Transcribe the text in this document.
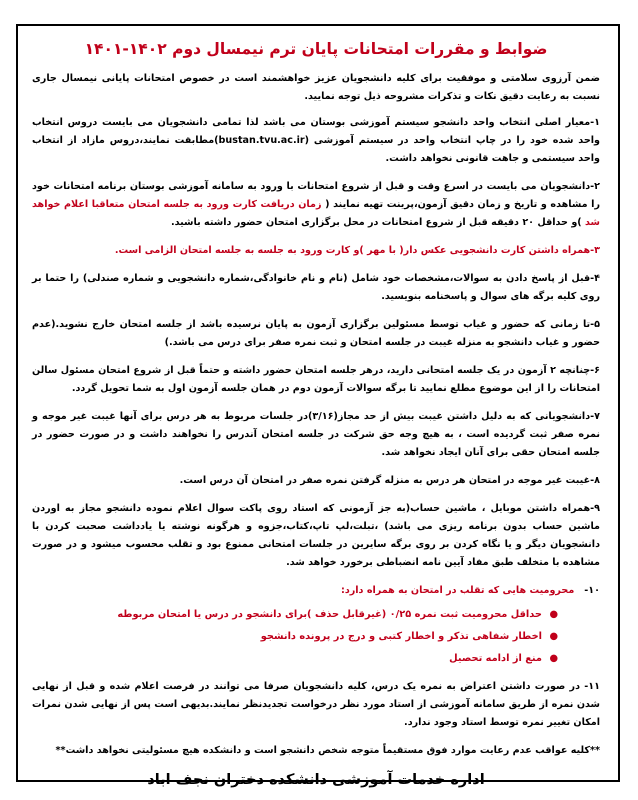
ضوابط و مقررات امتحانات پایان ترم نیمسال دوم ۱۴۰۲-۱۴۰۱

ضمن آرزوی سلامتی و موفقیت برای کلیه دانشجویان عزیز خواهشمند است در خصوص امتحانات پایانی نیمسال جاری نسبت به رعایت دقیق نکات و تذکرات مشروحه ذیل توجه نمایید.

۱-معیار اصلی انتخاب واحد دانشجو سیستم آموزشی بوستان می باشد لذا تمامی دانشجویان می بایست دروس انتخاب واحد شده خود را در چاپ انتخاب واحد در سیستم آموزشی (bustan.tvu.ac.ir)مطابقت نمایند،دروس مازاد از انتخاب واحد سیستمی و جاهت قانونی نخواهد داشت.

۲-دانشجویان می بایست در اسرع وقت و قبل از شروع امتحانات با ورود به سامانه آموزشی بوستان برنامه امتحانات خود را مشاهده و تاریخ و زمان دقیق آزمون،پرینت تهیه نمایند ( زمان دریافت کارت ورود به جلسه امتحان متعاقبا اعلام خواهد شد )و حداقل ۲۰ دقیقه قبل از شروع امتحانات در محل برگزاری امتحان حضور داشته باشید.

۳-همراه داشتن کارت دانشجویی عکس دار( با مهر )و کارت ورود به جلسه به جلسه امتحان الزامی است.

۴-قبل از پاسخ دادن به سوالات،مشخصات خود شامل (نام و نام خانوادگی،شماره دانشجویی و شماره صندلی) را حتما بر روی کلیه برگه های سوال و پاسخنامه بنویسید.

۵-تا زمانی که حضور و غیاب توسط مسئولین برگزاری آزمون به پایان نرسیده باشد از جلسه امتحان خارج نشوید.(عدم حضور و غیاب دانشجو به منزله غیبت در جلسه امتحان و ثبت نمره صفر برای درس می باشد.)

۶-چنانچه ۲ آزمون در یک جلسه امتحانی دارید، درهر جلسه امتحان حضور داشته و حتماً قبل از شروع امتحان مسئول سالن امتحانات را از این موضوع مطلع نمایید تا برگه سوالات آزمون دوم در همان جلسه آزمون اول به شما تحویل گردد.

۷-دانشجویانی که به دلیل داشتن غیبت بیش از حد مجاز(۳/۱۶)در جلسات مربوط به هر درس برای آنها غیبت غیر موجه و نمره صفر ثبت گردیده است ، به هیچ وجه حق شرکت در جلسه امتحان آندرس را نخواهند داشت و در صورت حضور در جلسه امتحان حقی برای آنان ایجاد نخواهد شد.

۸-غیبت غیر موجه در امتحان هر درس به منزله گرفتن نمره صفر در امتحان آن درس است.

۹-همراه داشتن موبایل ، ماشین حساب(به جز آزمونی که استاد روی پاکت سوال اعلام نموده دانشجو مجاز به اوردن ماشین حساب بدون برنامه ریزی می باشد) ،تبلت،لپ تاپ،کتاب،جزوه و هرگونه نوشته یا یادداشت صحبت کردن با دانشجویان دیگر و یا نگاه کردن بر روی برگه سایرین در جلسات امتحانی ممنوع بود و تقلب محسوب میشود و در صورت مشاهده با متخلف طبق مفاد آیین نامه انضباطی برخورد خواهد شد.

۱۰-   محرومیت هایی که تقلب در امتحان به همراه دارد:

●
حداقل محرومیت ثبت نمره ۰/۲۵ (غیرقابل حذف )برای دانشجو در درس یا امتحان مربوطه
●
اخطار شفاهی تذکر و اخطار کتبی و درج در پرونده دانشجو
●
منع از ادامه تحصیل

۱۱- در صورت داشتن اعتراض به نمره یک درس، کلیه دانشجویان صرفا می توانند در فرصت اعلام شده و قبل از نهایی شدن نمره از طریق سامانه آموزشی از استاد مورد نظر درخواست تجدیدنظر نمایند.بدیهی است پس از نهایی شدن نمرات امکان تغییر نمره توسط استاد وجود ندارد.

**کلیه عواقب عدم رعایت موارد فوق مستقیماً متوجه شخص دانشجو است و دانشکده هیچ مسئولیتی نخواهد داشت**

اداره خدمات آموزشی دانشکده دختران نجف اباد
